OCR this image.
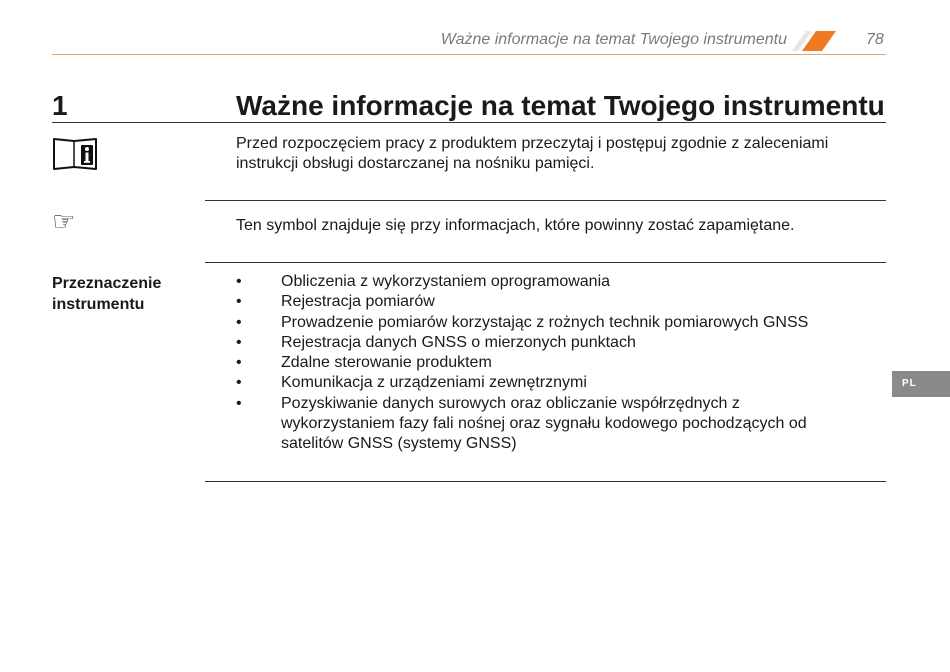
Ważne informacje na temat Twojego instrumentu	78
1	Ważne informacje na temat Twojego instrumentu
Przed rozpoczęciem pracy z produktem przeczytaj i postępuj zgodnie z zaleceniami instrukcji obsługi dostarczanej na nośniku pamięci.
☞	Ten symbol znajduje się przy informacjach, które powinny zostać zapamiętane.
Przeznaczenie instrumentu
• Obliczenia z wykorzystaniem oprogramowania
• Rejestracja pomiarów
• Prowadzenie pomiarów korzystając z rożnych technik pomiarowych GNSS
• Rejestracja danych GNSS o mierzonych punktach
• Zdalne sterowanie produktem
• Komunikacja z urządzeniami zewnętrznymi
• Pozyskiwanie danych surowych oraz obliczanie współrzędnych z wykorzystaniem fazy fali nośnej oraz sygnału kodowego pochodzących od satelitów GNSS (systemy GNSS)
PL
